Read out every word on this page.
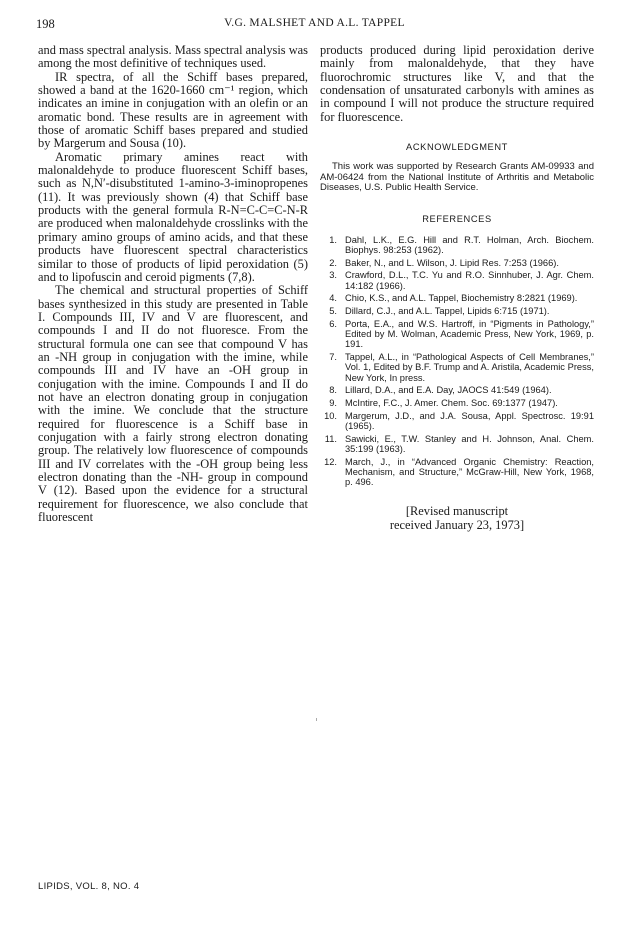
198	V.G. MALSHET AND A.L. TAPPEL

and mass spectral analysis. Mass spectral analysis was among the most definitive of techniques used.

IR spectra, of all the Schiff bases prepared, showed a band at the 1620-1660 cm⁻¹ region, which indicates an imine in conjugation with an olefin or an aromatic bond. These results are in agreement with those of aromatic Schiff bases prepared and studied by Margerum and Sousa (10).

Aromatic primary amines react with malonaldehyde to produce fluorescent Schiff bases, such as N,N′-disubstituted 1-amino-3-iminopropenes (11). It was previously shown (4) that Schiff base products with the general formula R-N=C-C=C-N-R are produced when malonaldehyde crosslinks with the primary amino groups of amino acids, and that these products have fluorescent spectral characteristics similar to those of products of lipid peroxidation (5) and to lipofuscin and ceroid pigments (7,8).

The chemical and structural properties of Schiff bases synthesized in this study are presented in Table I. Compounds III, IV and V are fluorescent, and compounds I and II do not fluoresce. From the structural formula one can see that compound V has an -NH group in conjugation with the imine, while compounds III and IV have an -OH group in conjugation with the imine. Compounds I and II do not have an electron donating group in conjugation with the imine. We conclude that the structure required for fluorescence is a Schiff base in conjugation with a fairly strong electron donating group. The relatively low fluorescence of compounds III and IV correlates with the -OH group being less electron donating than the -NH- group in compound V (12). Based upon the evidence for a structural requirement for fluorescence, we also conclude that fluorescent

products produced during lipid peroxidation derive mainly from malonaldehyde, that they have fluorochromic structures like V, and that the condensation of unsaturated carbonyls with amines as in compound I will not produce the structure required for fluorescence.

ACKNOWLEDGMENT

This work was supported by Research Grants AM-09933 and AM-06424 from the National Institute of Arthritis and Metabolic Diseases, U.S. Public Health Service.

REFERENCES
1. Dahl, L.K., E.G. Hill and R.T. Holman, Arch. Biochem. Biophys. 98:253 (1962).
2. Baker, N., and L. Wilson, J. Lipid Res. 7:253 (1966).
3. Crawford, D.L., T.C. Yu and R.O. Sinnhuber, J. Agr. Chem. 14:182 (1966).
4. Chio, K.S., and A.L. Tappel, Biochemistry 8:2821 (1969).
5. Dillard, C.J., and A.L. Tappel, Lipids 6:715 (1971).
6. Porta, E.A., and W.S. Hartroff, in “Pigments in Pathology,” Edited by M. Wolman, Academic Press, New York, 1969, p. 191.
7. Tappel, A.L., in “Pathological Aspects of Cell Membranes,” Vol. 1, Edited by B.F. Trump and A. Aristila, Academic Press, New York, In press.
8. Lillard, D.A., and E.A. Day, JAOCS 41:549 (1964).
9. McIntire, F.C., J. Amer. Chem. Soc. 69:1377 (1947).
10. Margerum, J.D., and J.A. Sousa, Appl. Spectrosc. 19:91 (1965).
11. Sawicki, E., T.W. Stanley and H. Johnson, Anal. Chem. 35:199 (1963).
12. March, J., in “Advanced Organic Chemistry: Reaction, Mechanism, and Structure,” McGraw-Hill, New York, 1968, p. 496.
[Revised manuscript
received January 23, 1973]
LIPIDS, VOL. 8, NO. 4
